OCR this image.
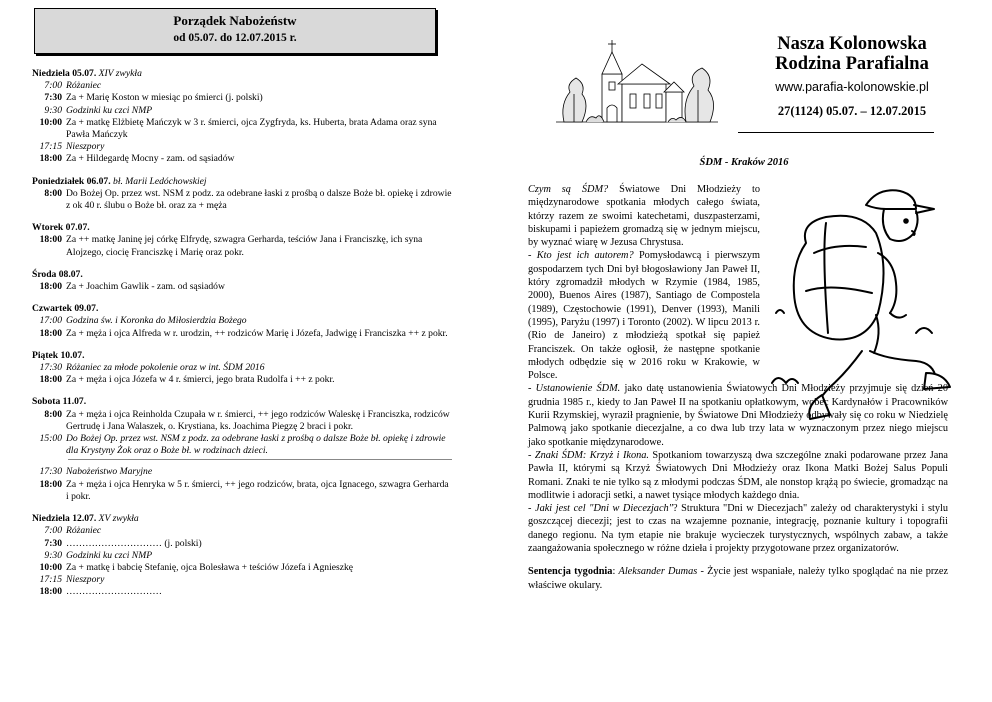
Porządek Nabożeństw
od 05.07. do 12.07.2015 r.
Niedziela 05.07. XIV zwykła
7:00 Różaniec
7:30 Za + Marię Koston w miesiąc po śmierci (j. polski)
9:30 Godzinki ku czci NMP
10:00 Za + matkę Elżbietę Mańczyk w 3 r. śmierci, ojca Zygfryda, ks. Huberta, brata Adama oraz syna Pawła Mańczyk
17:15 Nieszpory
18:00 Za + Hildegardę Mocny - zam. od sąsiadów
Poniedziałek 06.07. bł. Marii Ledóchowskiej
8:00 Do Bożej Op. przez wst. NSM z podz. za odebrane łaski z prośbą o dalsze Boże bł. opiekę i zdrowie z ok 40 r. ślubu o Boże bł. oraz za + męża
Wtorek 07.07.
18:00 Za ++ matkę Janinę jej córkę Elfrydę, szwagra Gerharda, teściów Jana i Franciszkę, ich syna Alojzego, ciocię Franciszkę i Marię oraz pokr.
Środa 08.07.
18:00 Za + Joachim Gawlik - zam. od sąsiadów
Czwartek 09.07.
17:00 Godzina św. i Koronka do Miłosierdzia Bożego
18:00 Za + męża i ojca Alfreda w r. urodzin, ++ rodziców Marię i Józefa, Jadwigę i Franciszka ++ z pokr.
Piątek 10.07.
17:30 Różaniec za młode pokolenie oraz w int. ŚDM 2016
18:00 Za + męża i ojca Józefa w 4 r. śmierci, jego brata Rudolfa i ++ z pokr.
Sobota 11.07.
8:00 Za + męża i ojca Reinholda Czupała w r. śmierci, ++ jego rodziców Waleskę i Franciszka, rodziców Gertrudę i Jana Walaszek, o. Krystiana, ks. Joachima Piegzę 2 braci i pokr.
15:00 Do Bożej Op. przez wst. NSM z podz. za odebrane łaski z prośbą o dalsze Boże bł. opiekę i zdrowie dla Krystyny Żok oraz o Boże bł. w rodzinach dzieci.
17:30 Nabożeństwo Maryjne
18:00 Za + męża i ojca Henryka w 5 r. śmierci, ++ jego rodziców, brata, ojca Ignacego, szwagra Gerharda i pokr.
Niedziela 12.07. XV zwykła
7:00 Różaniec
7:30 ………………………… (j. polski)
9:30 Godzinki ku czci NMP
10:00 Za + matkę i babcię Stefanię, ojca Bolesława + teściów Józefa i Agnieszkę
17:15 Nieszpory
18:00 …………………………
Nasza Kolonowska
Rodzina Parafialna
www.parafia-kolonowskie.pl
27(1124) 05.07. – 12.07.2015
ŚDM - Kraków 2016

Czym są ŚDM? Światowe Dni Młodzieży to międzynarodowe spotkania młodych całego świata, którzy razem ze swoimi katechetami, duszpasterzami, biskupami i papieżem gromadzą się w jednym miejscu, by wyznać wiarę w Jezusa Chrystusa.

- Kto jest ich autorem? Pomysłodawcą i pierwszym gospodarzem tych Dni był błogosławiony Jan Paweł II, który zgromadził młodych w Rzymie (1984, 1985, 2000), Buenos Aires (1987), Santiago de Compostela (1989), Częstochowie (1991), Denver (1993), Manili (1995), Paryżu (1997) i Toronto (2002). W lipcu 2013 r. (Rio de Janeiro) z młodzieżą spotkał się papież Franciszek. On także ogłosił, że następne spotkanie młodych odbędzie się w 2016 roku w Krakowie, w Polsce.

- Ustanowienie ŚDM. jako datę ustanowienia Światowych Dni Młodzieży przyjmuje się dzień 20 grudnia 1985 r., kiedy to Jan Paweł II na spotkaniu opłatkowym, wobec Kardynałów i Pracowników Kurii Rzymskiej, wyraził pragnienie, by Światowe Dni Młodzieży odbywały się co roku w Niedzielę Palmową jako spotkanie diecezjalne, a co dwa lub trzy lata w wyznaczonym przez niego miejscu jako spotkanie międzynarodowe.

- Znaki ŚDM: Krzyż i Ikona. Spotkaniom towarzyszą dwa szczególne znaki podarowane przez Jana Pawła II, którymi są Krzyż Światowych Dni Młodzieży oraz Ikona Matki Bożej Salus Populi Romani. Znaki te nie tylko są z młodymi podczas ŚDM, ale nonstop krążą po świecie, gromadząc na modlitwie i adoracji setki, a nawet tysiące młodych każdego dnia.

- Jaki jest cel "Dni w Diecezjach"? Struktura "Dni w Diecezjach" zależy od charakterystyki i stylu goszczącej diecezji; jest to czas na wzajemne poznanie, integrację, poznanie kultury i topografii danego regionu. Na tym etapie nie brakuje wycieczek turystycznych, wspólnych zabaw, a także zaangażowania społecznego w różne dzieła i projekty przygotowane przez organizatorów.

Sentencja tygodnia: Aleksander Dumas - Życie jest wspaniałe, należy tylko spoglądać na nie przez właściwe okulary.
